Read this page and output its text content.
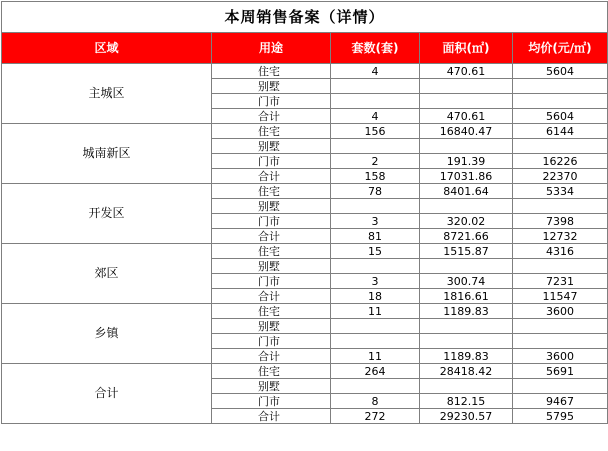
本周销售备案（详情）				
区域	用途	套数(套)	面积(㎡)	均价(元/㎡)
主城区	住宅	4	470.61	5604
	别墅			
	门市			
	合计	4	470.61	5604
城南新区	住宅	156	16840.47	6144
	别墅			
	门市	2	191.39	16226
	合计	158	17031.86	22370
开发区	住宅	78	8401.64	5334
	别墅			
	门市	3	320.02	7398
	合计	81	8721.66	12732
郊区	住宅	15	1515.87	4316
	别墅			
	门市	3	300.74	7231
	合计	18	1816.61	11547
乡镇	住宅	11	1189.83	3600
	别墅			
	门市			
	合计	11	1189.83	3600
合计	住宅	264	28418.42	5691
	别墅			
	门市	8	812.15	9467
	合计	272	29230.57	5795
